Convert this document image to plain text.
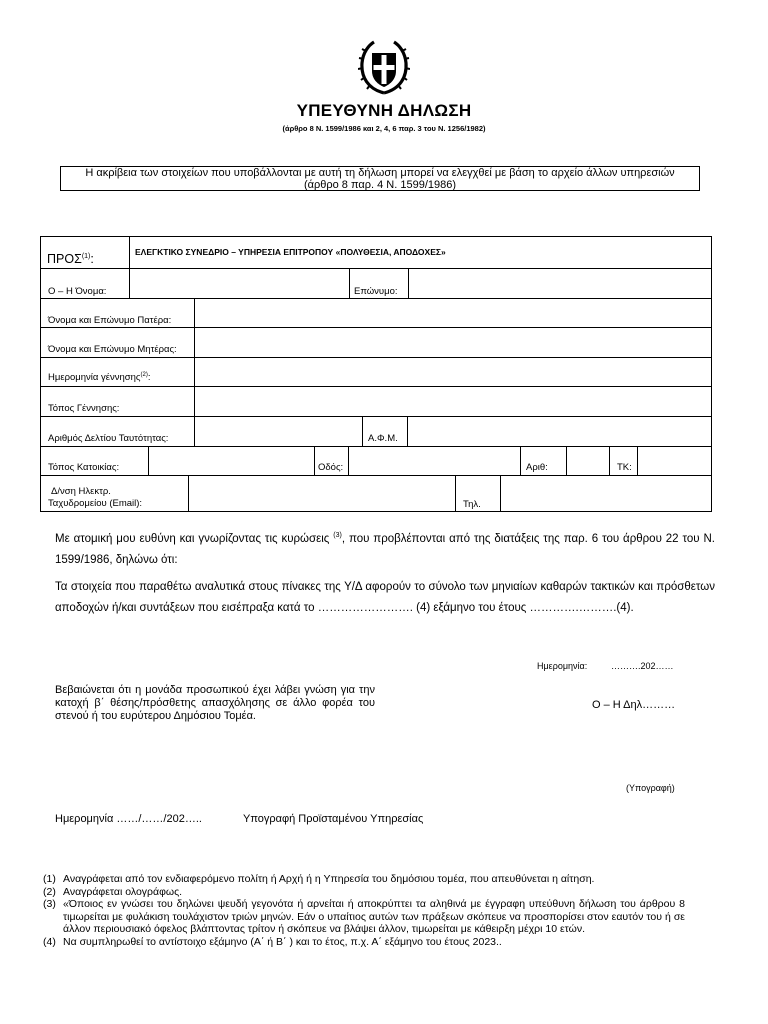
ΥΠΕΥΘΥΝΗ ΔΗΛΩΣΗ
(άρθρο 8 Ν. 1599/1986 και 2, 4, 6 παρ. 3 του Ν. 1256/1982)
Η ακρίβεια των στοιχείων που υποβάλλονται με αυτή τη δήλωση μπορεί να ελεγχθεί με βάση το αρχείο άλλων υπηρεσιών
(άρθρο 8 παρ. 4 Ν. 1599/1986)
ΠΡΟΣ$^{(1)}$:	ΕΛΕΓΚΤΙΚΟ ΣΥΝΕΔΡΙΟ – ΥΠΗΡΕΣΙΑ ΕΠΙΤΡΟΠΟΥ «ΠΟΛΥΘΕΣΙΑ, ΑΠΟΔΟΧΕΣ»
Ο – Η Όνομα:	Επώνυμο:
Όνομα και Επώνυμο Πατέρα:
Όνομα και Επώνυμο Μητέρας:
Ημερομηνία γέννησης$^{(2)}$:
Τόπος Γέννησης:
Αριθμός Δελτίου Ταυτότητας:	Α.Φ.Μ.
Τόπος Κατοικίας:	Οδός:	Αριθ:	ΤΚ:
Δ/νση Ηλεκτρ.
Ταχυδρομείου (Email):	Τηλ.
Με ατομική μου ευθύνη και γνωρίζοντας τις κυρώσεις $^{(3)}$, που προβλέπονται από της διατάξεις της παρ. 6 του άρθρου 22 του Ν. 1599/1986, δηλώνω ότι:
Τα στοιχεία που παραθέτω αναλυτικά στους πίνακες της Υ/Δ αφορούν το σύνολο των μηνιαίων καθαρών τακτικών και πρόσθετων αποδοχών ή/και συντάξεων που εισέπραξα κατά το ……………………. (4) εξάμηνο του έτους ………….……….(4).
Ημερομηνία:	……….202……
Βεβαιώνεται ότι η μονάδα προσωπικού έχει λάβει γνώση για την κατοχή β΄ θέσης/πρόσθετης απασχόλησης σε άλλο φορέα του στενού ή του ευρύτερου Δημόσιου Τομέα.
Ο – Η Δηλ………
(Υπογραφή)
Ημερομηνία ……/……/202…..	Υπογραφή Προϊσταμένου Υπηρεσίας
(1) Αναγράφεται από τον ενδιαφερόμενο πολίτη ή Αρχή ή η Υπηρεσία του δημόσιου τομέα, που απευθύνεται η αίτηση.
(2) Αναγράφεται ολογράφως.
(3) «Όποιος εν γνώσει του δηλώνει ψευδή γεγονότα ή αρνείται ή αποκρύπτει τα αληθινά με έγγραφη υπεύθυνη δήλωση του άρθρου 8 τιμωρείται με φυλάκιση τουλάχιστον τριών μηνών. Εάν ο υπαίτιος αυτών των πράξεων σκόπευε να προσπορίσει στον εαυτόν του ή σε άλλον περιουσιακό όφελος βλάπτοντας τρίτον ή σκόπευε να βλάψει άλλον, τιμωρείται με κάθειρξη μέχρι 10 ετών.
(4) Να συμπληρωθεί το αντίστοιχο εξάμηνο (Α΄ ή Β΄ ) και το έτος, π.χ. Α΄ εξάμηνο του έτους 2023..
